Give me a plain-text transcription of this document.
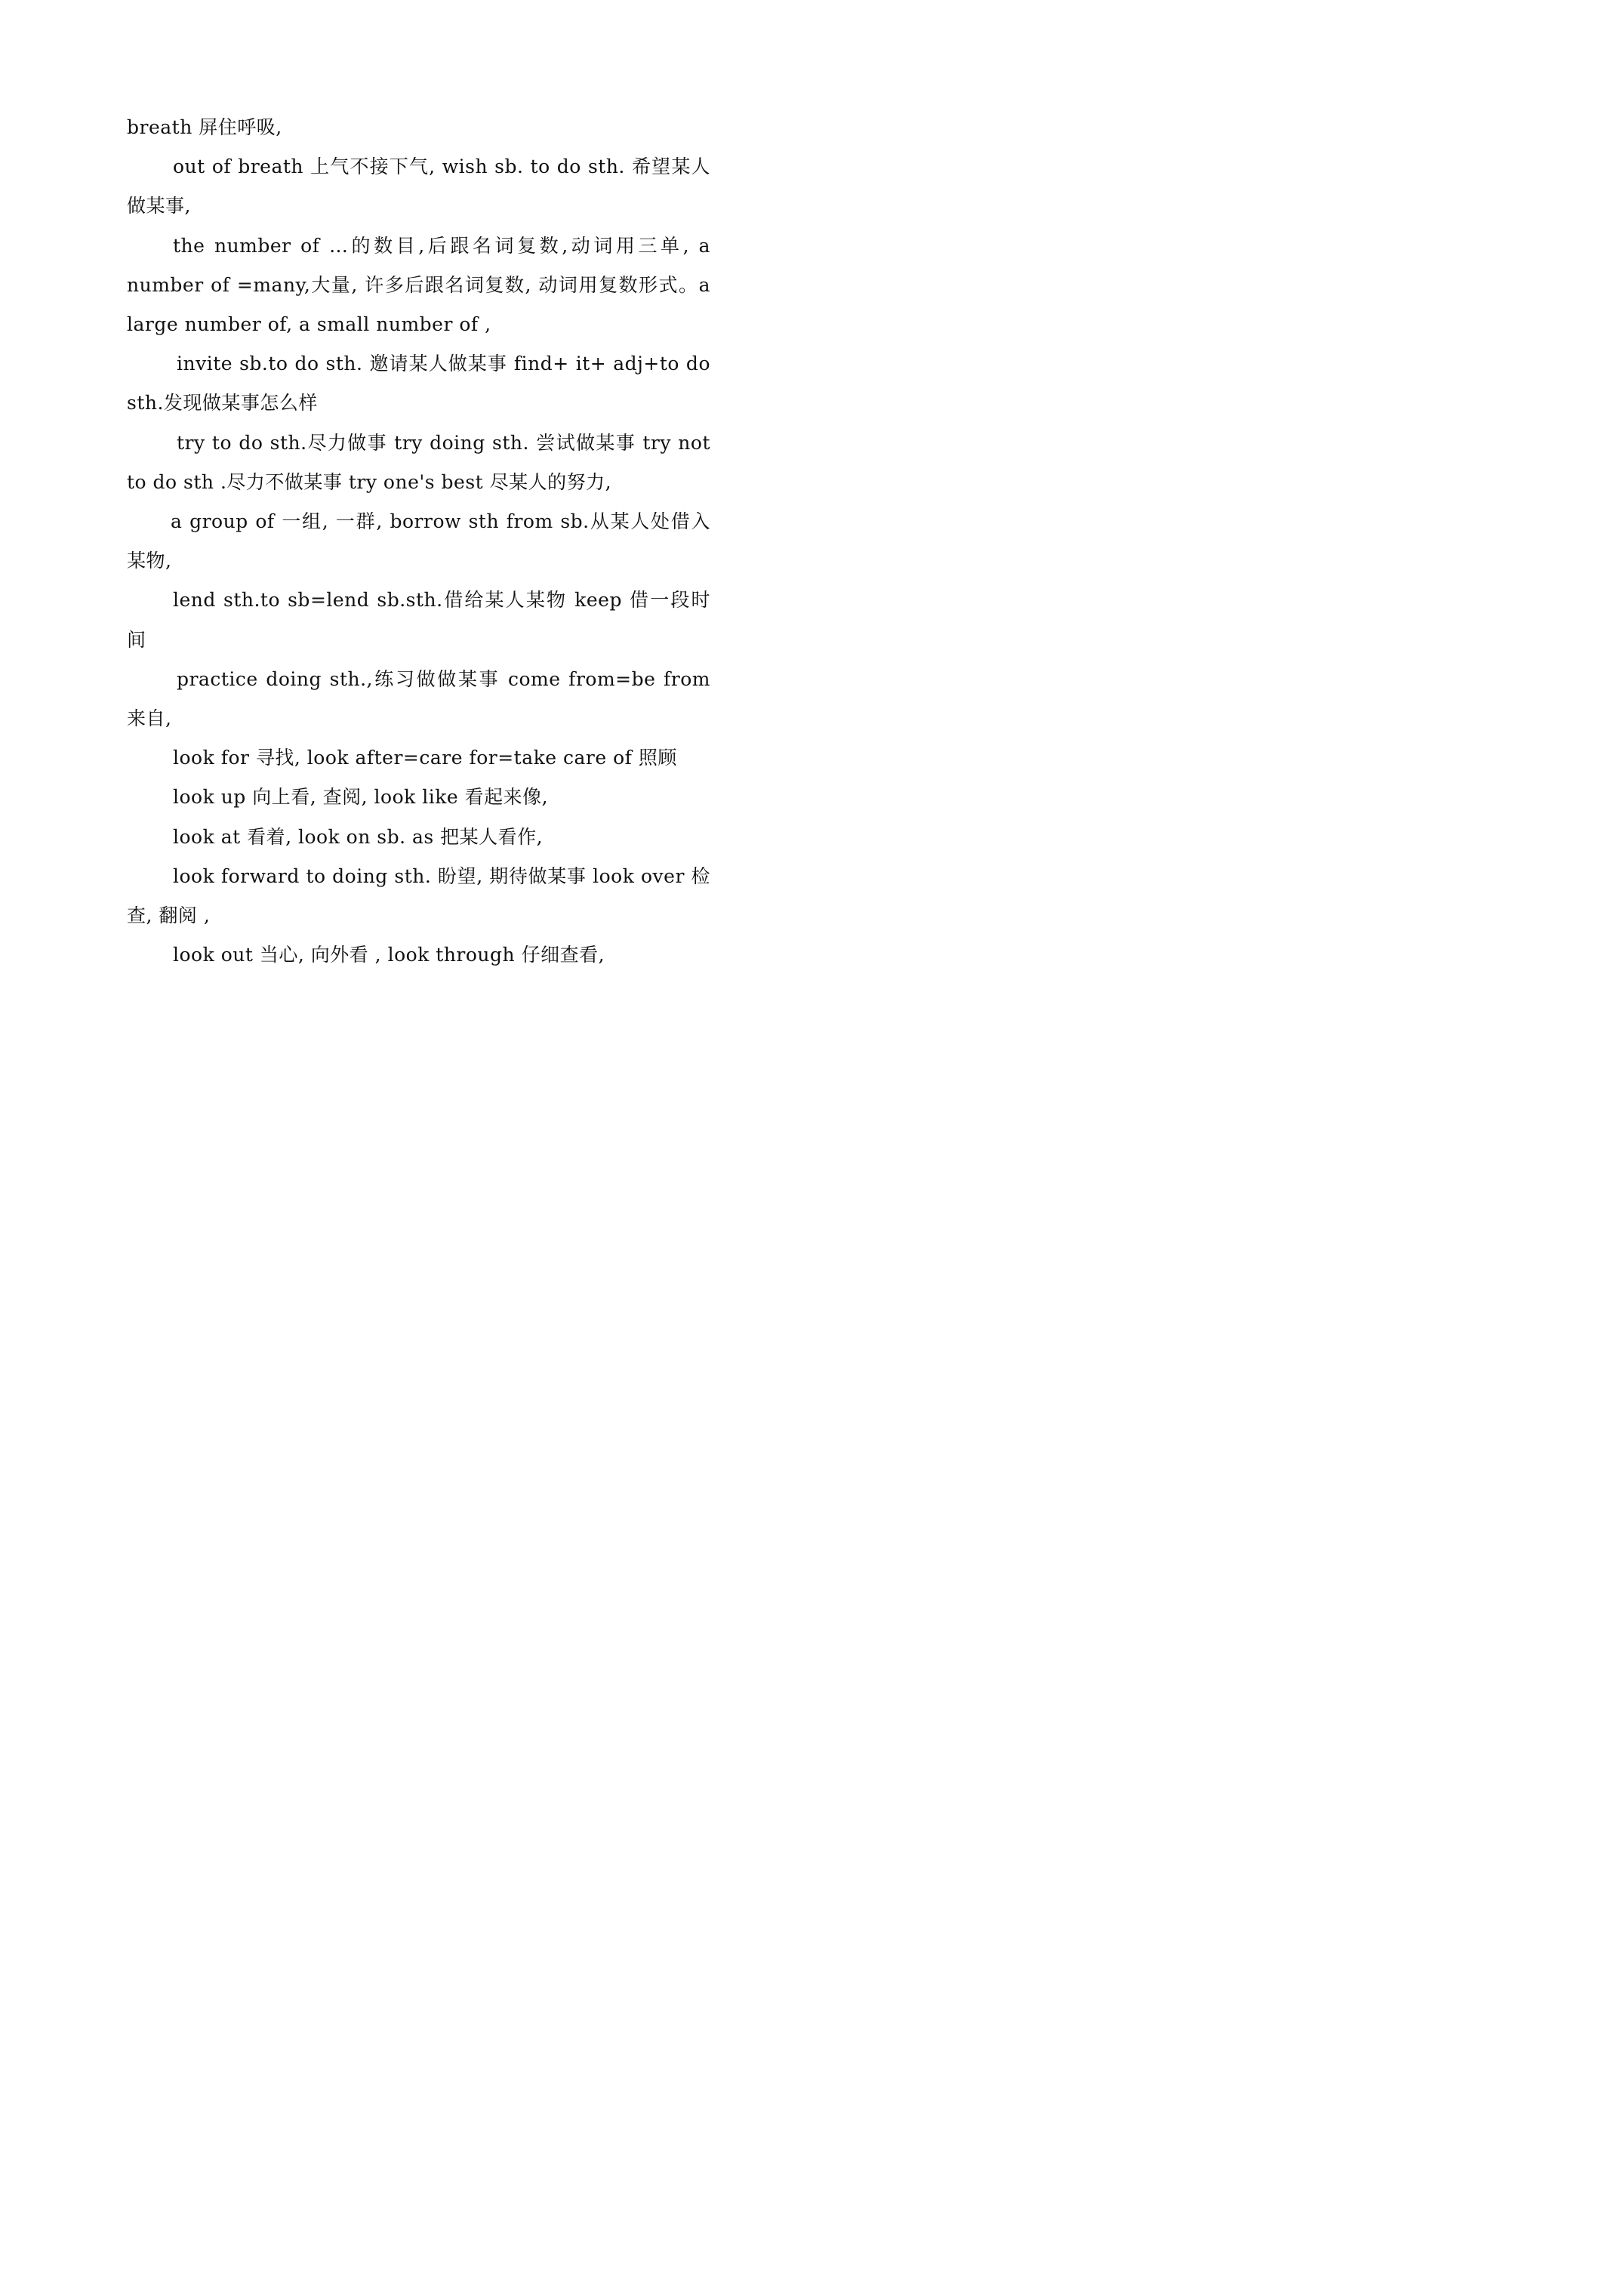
breath 屏住呼吸,

out of breath 上气不接下气, wish sb. to do sth. 希望某人做某事,

the number of …的数目,后跟名词复数,动词用三单, a number of =many,大量, 许多后跟名词复数, 动词用复数形式。a large number of, a small number of ,

invite sb.to do sth. 邀请某人做某事 find+ it+ adj+to do sth.发现做某事怎么样

try to do sth.尽力做事 try doing sth. 尝试做某事 try not to do sth .尽力不做某事 try one's best 尽某人的努力,

a group of 一组, 一群, borrow sth from sb.从某人处借入某物,

lend sth.to sb=lend sb.sth.借给某人某物 keep 借一段时间

practice doing sth.,练习做做某事 come from=be from 来自,

look for 寻找, look after=care for=take care of 照顾

look up 向上看, 查阅, look like 看起来像,

look at 看着, look on sb. as 把某人看作,

look forward to doing sth. 盼望, 期待做某事 look over 检查, 翻阅 ,

look out 当心, 向外看 , look through 仔细查看,
